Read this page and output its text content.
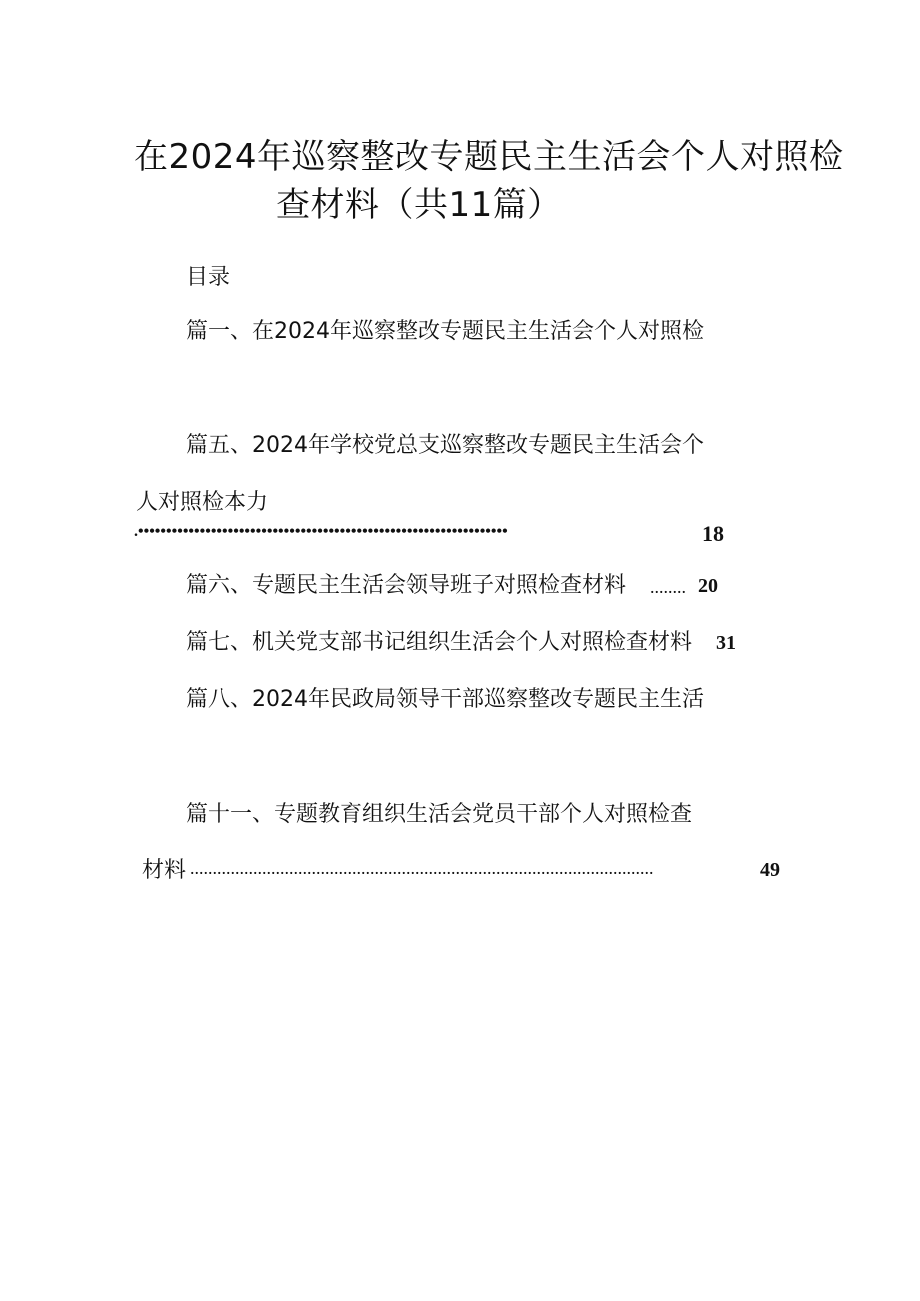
在2024年巡察整改专题民主生活会个人对照检
查材料（共11篇）
目录
篇一、在2024年巡察整改专题民主生活会个人对照检
篇五、2024年学校党总支巡察整改专题民主生活会个
人对照检本力
.••••••••••••••••••••••••••••••••••••••••••••••••••••••••••••••••••	18
篇六、专题民主生活会领导班子对照检查材料 ........ 20
篇七、机关党支部书记组织生活会个人对照检查材料 31
篇八、2024年民政局领导干部巡察整改专题民主生活
篇十一、专题教育组织生活会党员干部个人对照检查
材料 .......................................................................................................	49
